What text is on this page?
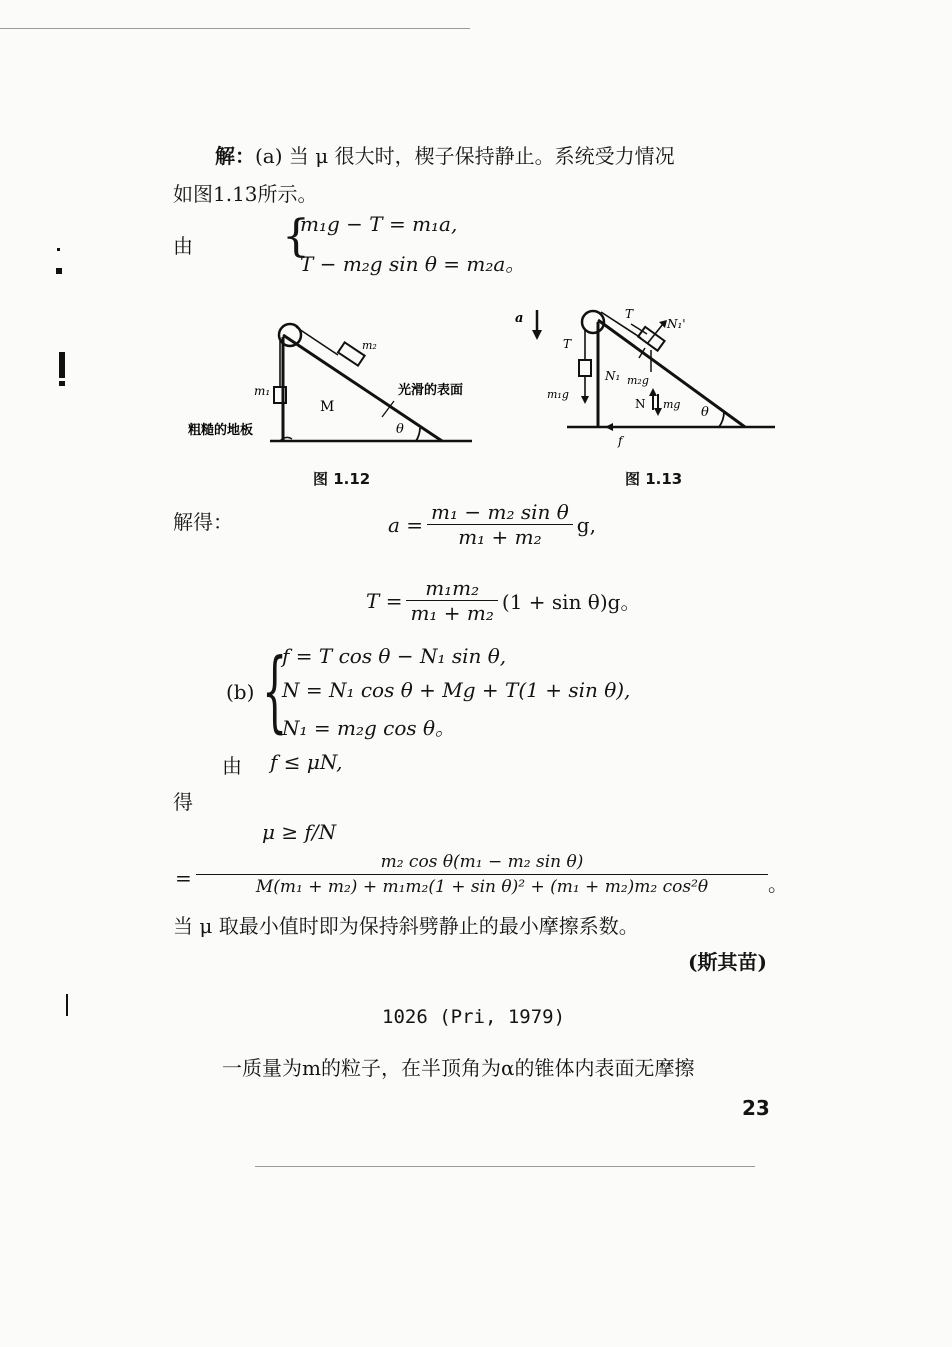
解：(a) 当 μ 很大时，楔子保持静止。系统受力情况
如图1.13所示。
由 {
m₁g − T = m₁a,
T − m₂g sin θ = m₂a。
m₁
m₂
M
θ
光滑的表面
粗糙的地板
图 1.12
a
T
T
N₁'
N₁ m₂g
m₁g
N mg
θ
f
图 1.13
解得：	$a = \frac{\text{m₁ − m₂ sin θ}}{\text{m₁ + m₂}} g$,
$T = \frac{\text{m₁m₂}}{\text{m₁ + m₂}} (1 + \sin \theta)g$。
(b) {
f = T cos θ − N₁ sin θ,
N = N₁ cos θ + Mg + T(1 + sin θ),
N₁ = m₂g cos θ。
由 f ≤ μN,
得
μ ≥ f/N
= $\frac{\text{m₂ cos θ(m₁ − m₂ sin θ)}}{\text{M(m₁ + m₂) + m₁m₂(1 + sin θ)² + (m₁ + m₂)m₂ cos²θ}}$ 。
当 μ 取最小值时即为保持斜劈静止的最小摩擦系数。
(斯其苗)
1026 (Pri, 1979)
一质量为m的粒子，在半顶角为α的锥体内表面无摩擦
23
